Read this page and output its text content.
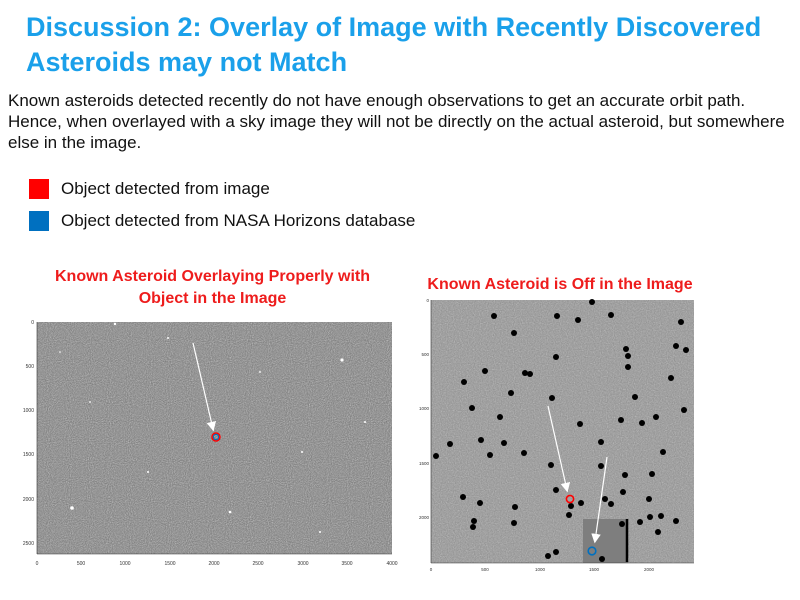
Discussion 2: Overlay of Image with Recently Discovered Asteroids may not Match
Known asteroids detected recently do not have enough observations to get an accurate orbit path. Hence, when overlayed with a sky image they will not be directly on the actual asteroid, but somewhere else in the image.
Object detected from image
Object detected from NASA Horizons database
Known Asteroid Overlaying Properly with Object in the Image
Known Asteroid is Off in the Image
0	500	1000	1500	2000	2500	3000	3500	4000
0
500
1000
1500
2000
2500
0	500	1000	1500	2000
0
500
1000
1500
2000
